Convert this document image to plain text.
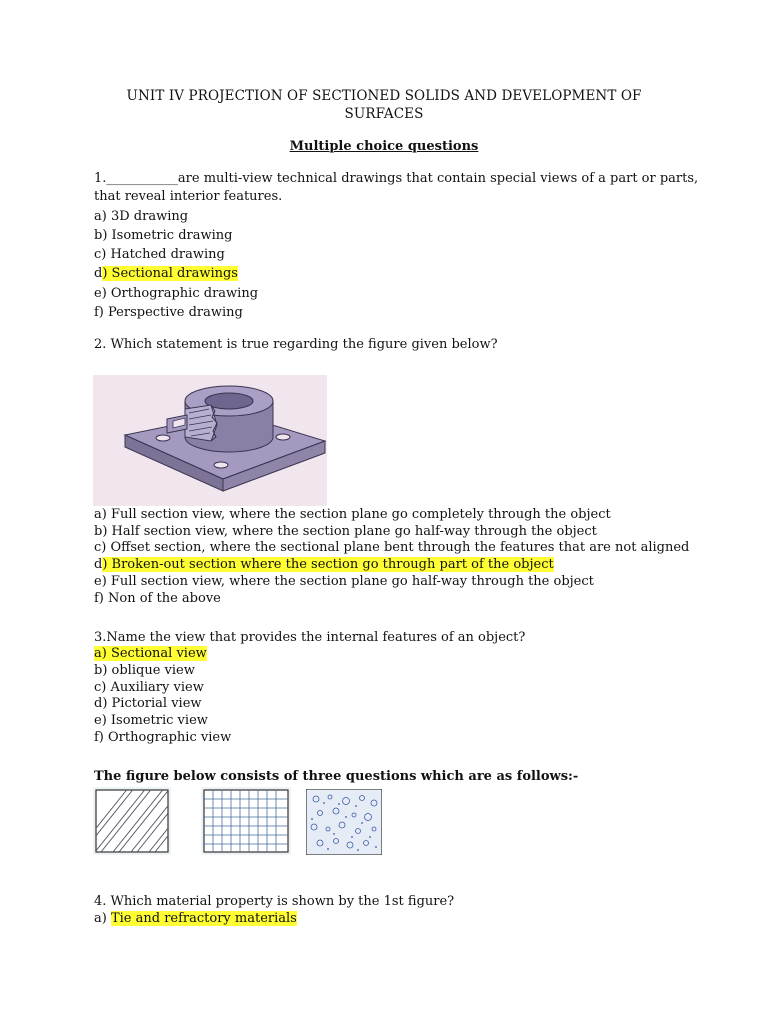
UNIT IV PROJECTION OF SECTIONED SOLIDS AND DEVELOPMENT OF
SURFACES
Multiple choice questions
1.___________are multi-view technical drawings that contain special views of a part or parts,
that reveal interior features.
a) 3D drawing
b) Isometric drawing
c) Hatched drawing
d) Sectional drawings
e) Orthographic drawing
f) Perspective drawing
2. Which statement is true regarding the figure given below?
a) Full section view, where the section plane go completely through the object
b) Half section view, where the section plane go half-way through the object
c) Offset section, where the sectional plane bent through the features that are not aligned
d) Broken-out section where the section go through part of the object
e) Full section view, where the section plane go half-way through the object
f) Non of the above
3.Name the view that provides the internal features of an object?
a) Sectional view
b) oblique view
c) Auxiliary view
d) Pictorial view
e) Isometric view
f) Orthographic view
The figure below consists of three questions which are as follows:-
4. Which material property is shown by the 1st figure?
a) Tie and refractory materials
